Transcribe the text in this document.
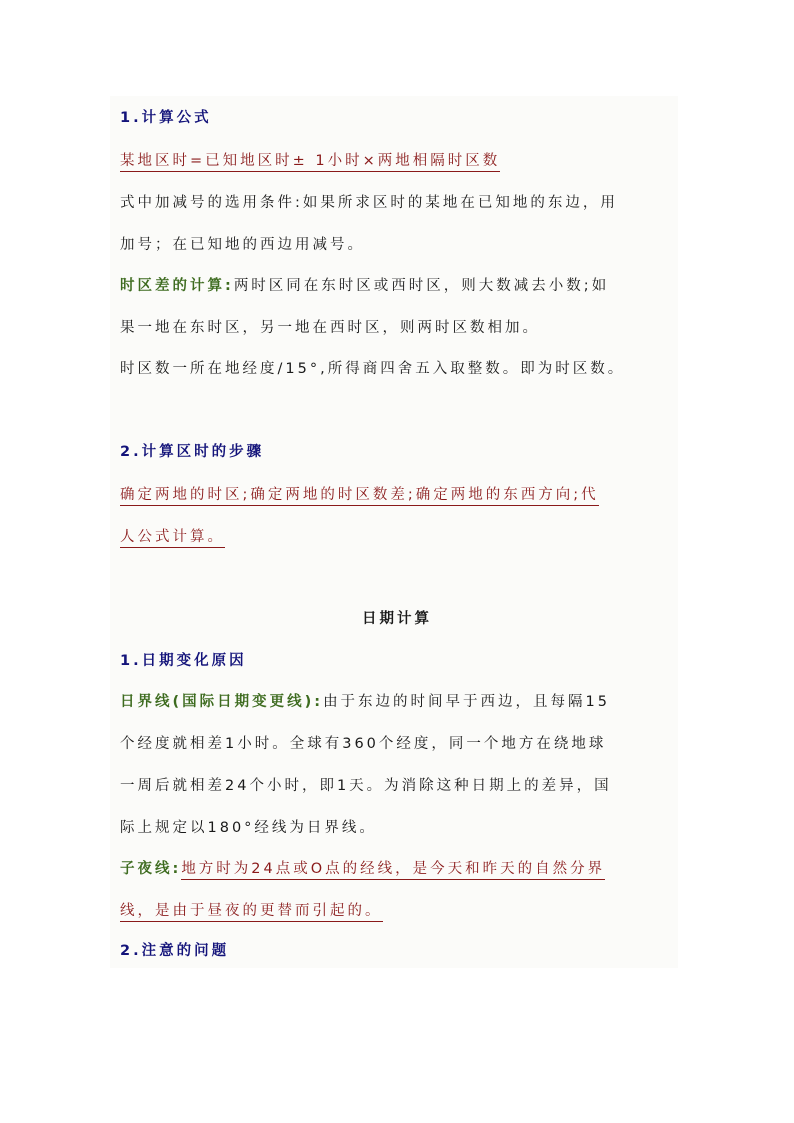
1.计算公式
某地区时=已知地区时± 1小时×两地相隔时区数
式中加减号的选用条件:如果所求区时的某地在已知地的东边，用
加号；在已知地的西边用减号。
时区差的计算:两时区同在东时区或西时区，则大数减去小数;如
果一地在东时区，另一地在西时区，则两时区数相加。
时区数一所在地经度/15°,所得商四舍五入取整数。即为时区数。
2.计算区时的步骤
确定两地的时区;确定两地的时区数差;确定两地的东西方向;代
人公式计算。
日期计算
1.日期变化原因
日界线(国际日期变更线):由于东边的时间早于西边，且每隔15
个经度就相差1小时。全球有360个经度，同一个地方在绕地球
一周后就相差24个小时，即1天。为消除这种日期上的差异，国
际上规定以180°经线为日界线。
子夜线:地方时为24点或O点的经线，是今天和昨天的自然分界
线，是由于昼夜的更替而引起的。
2.注意的问题
